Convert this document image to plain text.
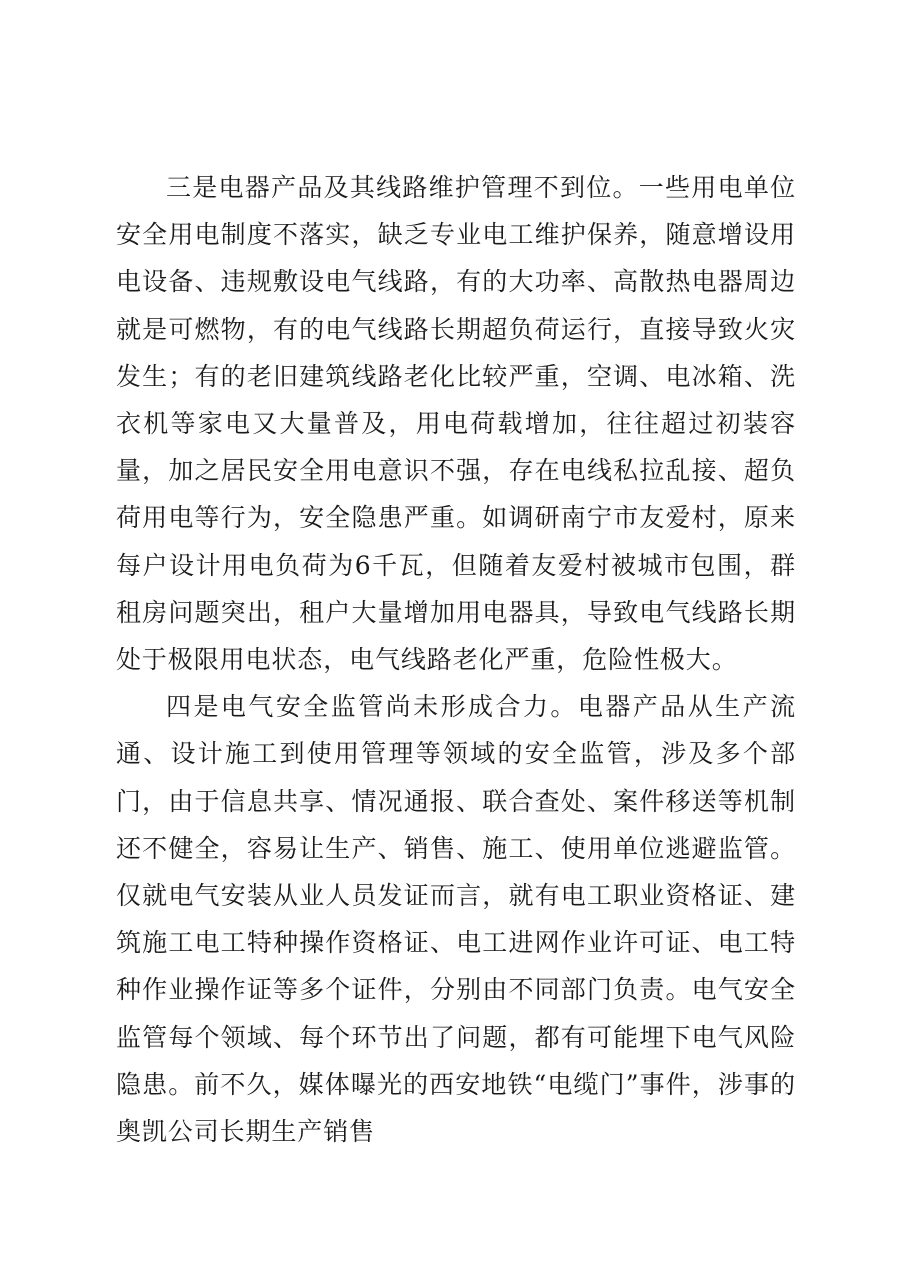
三是电器产品及其线路维护管理不到位。一些用电单位安全用电制度不落实，缺乏专业电工维护保养，随意增设用电设备、违规敷设电气线路，有的大功率、高散热电器周边就是可燃物，有的电气线路长期超负荷运行，直接导致火灾发生；有的老旧建筑线路老化比较严重，空调、电冰箱、洗衣机等家电又大量普及，用电荷载增加，往往超过初装容量，加之居民安全用电意识不强，存在电线私拉乱接、超负荷用电等行为，安全隐患严重。如调研南宁市友爱村，原来每户设计用电负荷为6千瓦，但随着友爱村被城市包围，群租房问题突出，租户大量增加用电器具，导致电气线路长期处于极限用电状态，电气线路老化严重，危险性极大。

四是电气安全监管尚未形成合力。电器产品从生产流通、设计施工到使用管理等领域的安全监管，涉及多个部门，由于信息共享、情况通报、联合查处、案件移送等机制还不健全，容易让生产、销售、施工、使用单位逃避监管。仅就电气安装从业人员发证而言，就有电工职业资格证、建筑施工电工特种操作资格证、电工进网作业许可证、电工特种作业操作证等多个证件，分别由不同部门负责。电气安全监管每个领域、每个环节出了问题，都有可能埋下电气风险隐患。前不久，媒体曝光的西安地铁“电缆门”事件，涉事的奥凯公司长期生产销售
